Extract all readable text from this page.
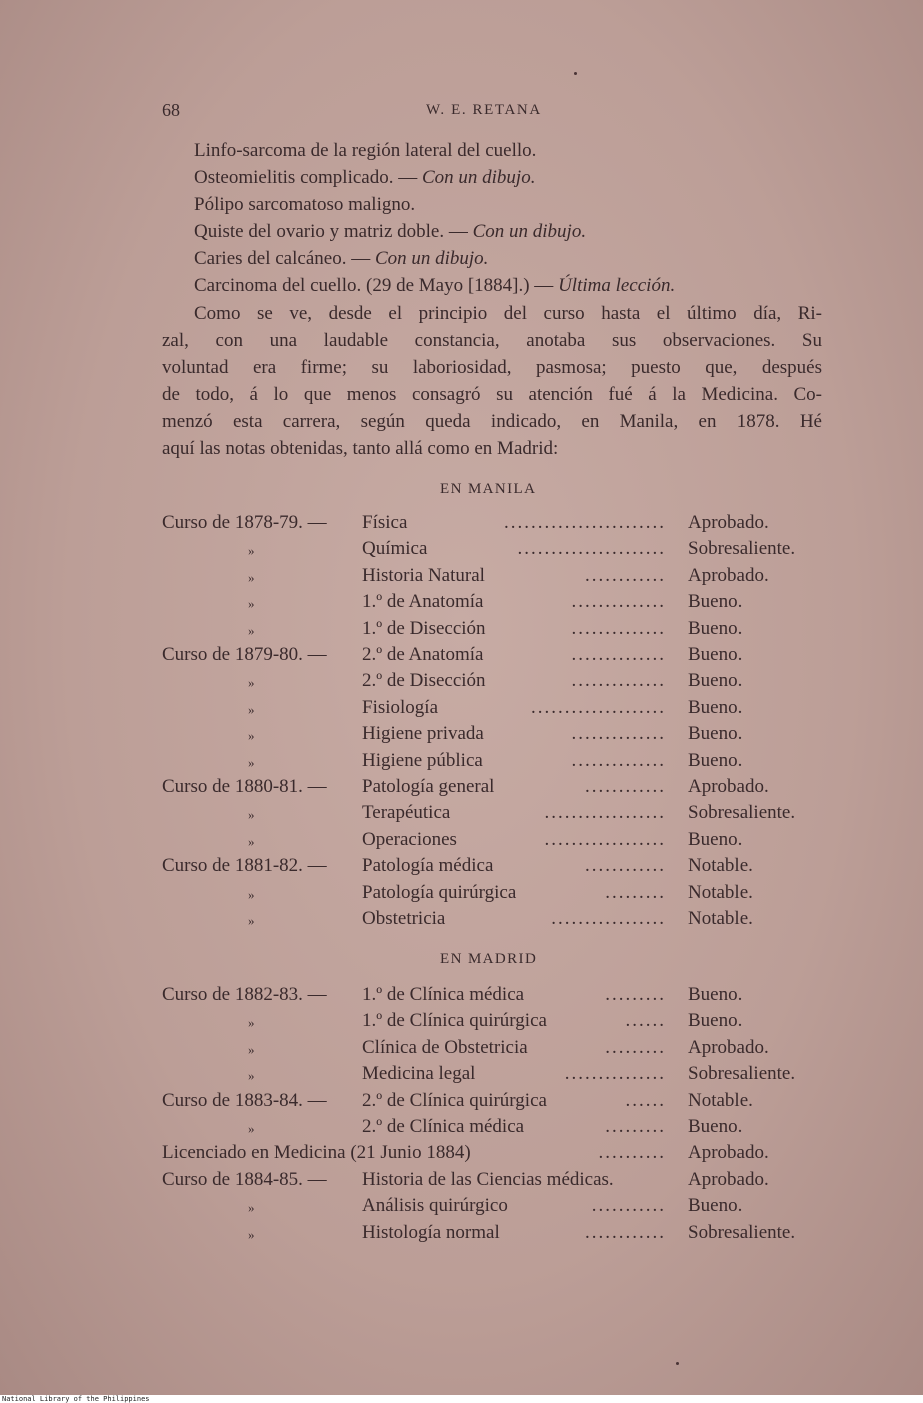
68	W. E. RETANA
Linfo-sarcoma de la región lateral del cuello.
Osteomielitis complicado. — Con un dibujo.
Pólipo sarcomatoso maligno.
Quiste del ovario y matriz doble. — Con un dibujo.
Caries del calcáneo. — Con un dibujo.
Carcinoma del cuello. (29 de Mayo [1884].) — Última lección.
Como se ve, desde el principio del curso hasta el último día, Ri-
zal, con una laudable constancia, anotaba sus observaciones. Su
voluntad era firme; su laboriosidad, pasmosa; puesto que, después
de todo, á lo que menos consagró su atención fué á la Medicina. Co-
menzó esta carrera, según queda indicado, en Manila, en 1878. Hé
aquí las notas obtenidas, tanto allá como en Madrid:
EN MANILA
Curso de 1878-79. — Física	........................ Aprobado.
»	Química	...................... Sobresaliente.
»	Historia Natural	............ Aprobado.
»	1.º de Anatomía	.............. Bueno.
»	1.º de Disección	.............. Bueno.
Curso de 1879-80. — 2.º de Anatomía	.............. Bueno.
»	2.º de Disección	.............. Bueno.
»	Fisiología	.................... Bueno.
»	Higiene privada	.............. Bueno.
»	Higiene pública	.............. Bueno.
Curso de 1880-81. — Patología general	............ Aprobado.
»	Terapéutica	.................. Sobresaliente.
»	Operaciones	.................. Bueno.
Curso de 1881-82. — Patología médica	............ Notable.
»	Patología quirúrgica	......... Notable.
»	Obstetricia	................. Notable.
EN MADRID
Curso de 1882-83. — 1.º de Clínica médica	......... Bueno.
»	1.º de Clínica quirúrgica	...... Bueno.
»	Clínica de Obstetricia	......... Aprobado.
»	Medicina legal	............... Sobresaliente.
Curso de 1883-84. — 2.º de Clínica quirúrgica	...... Notable.
»	2.º de Clínica médica	......... Bueno.
Licenciado en Medicina (21 Junio 1884)	.......... Aprobado.
Curso de 1884-85. — Historia de las Ciencias médicas.	Aprobado.
»	Análisis quirúrgico	........... Bueno.
»	Histología normal	............ Sobresaliente.
National Library of the Philippines
